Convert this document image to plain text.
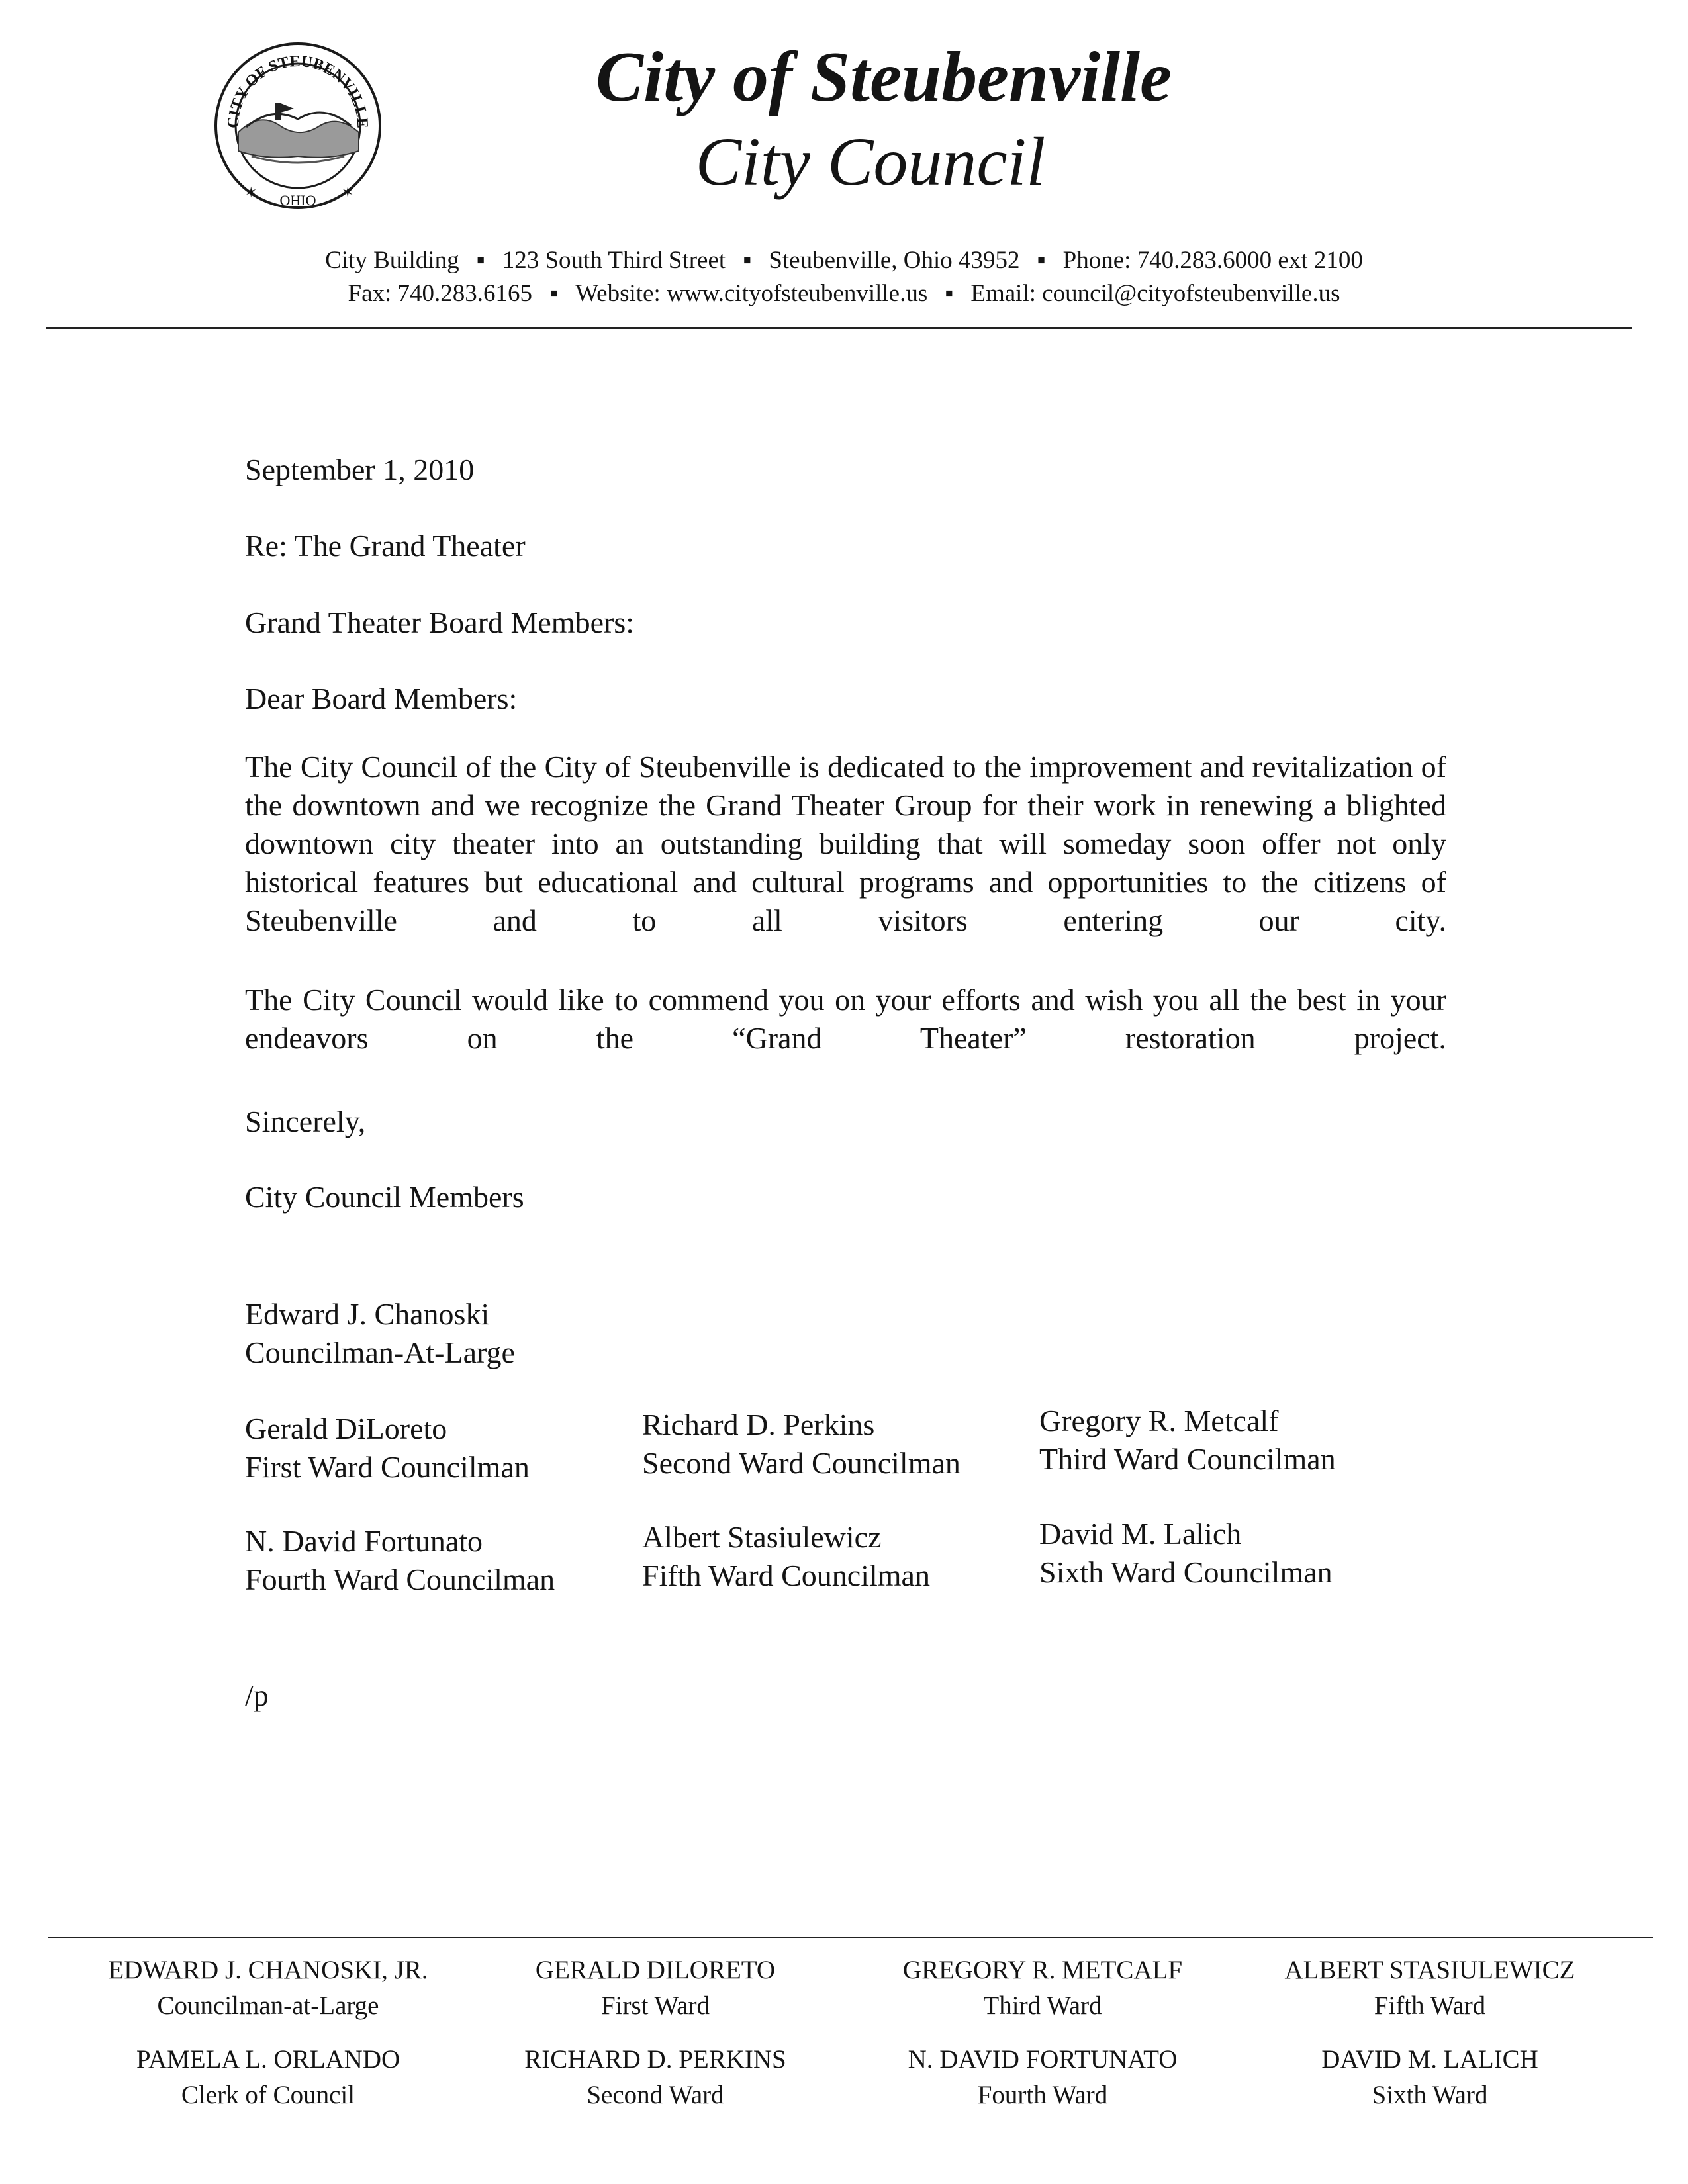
OHIO
CITY OF STEUBENVILLE
✶	✶
City of Steubenville
City Council
City Building ▪ 123 South Third Street ▪ Steubenville, Ohio 43952 ▪ Phone: 740.283.6000 ext 2100
Fax: 740.283.6165 ▪ Website: www.cityofsteubenville.us ▪ Email: council@cityofsteubenville.us

September 1, 2010

Re: The Grand Theater

Grand Theater Board Members:

Dear Board Members:

The City Council of the City of Steubenville is dedicated to the improvement and revitalization of the downtown and we recognize the Grand Theater Group for their work in renewing a blighted downtown city theater into an outstanding building that will someday soon offer not only historical features but educational and cultural programs and opportunities to the citizens of Steubenville and to all visitors entering our city.

The City Council would like to commend you on your efforts and wish you all the best in your endeavors on the “Grand Theater” restoration project.

Sincerely,

City Council Members

Edward J. Chanoski
Councilman-At-Large
Gerald DiLoreto
First Ward Councilman
Richard D. Perkins
Second Ward Councilman
Gregory R. Metcalf
Third Ward Councilman
N. David Fortunato
Fourth Ward Councilman
Albert Stasiulewicz
Fifth Ward Councilman
David M. Lalich
Sixth Ward Councilman

/p

EDWARD J. CHANOSKI, JR.
Councilman-at-Large
GERALD DILORETO
First Ward
GREGORY R. METCALF
Third Ward
ALBERT STASIULEWICZ
Fifth Ward
PAMELA L. ORLANDO
Clerk of Council
RICHARD D. PERKINS
Second Ward
N. DAVID FORTUNATO
Fourth Ward
DAVID M. LALICH
Sixth Ward
